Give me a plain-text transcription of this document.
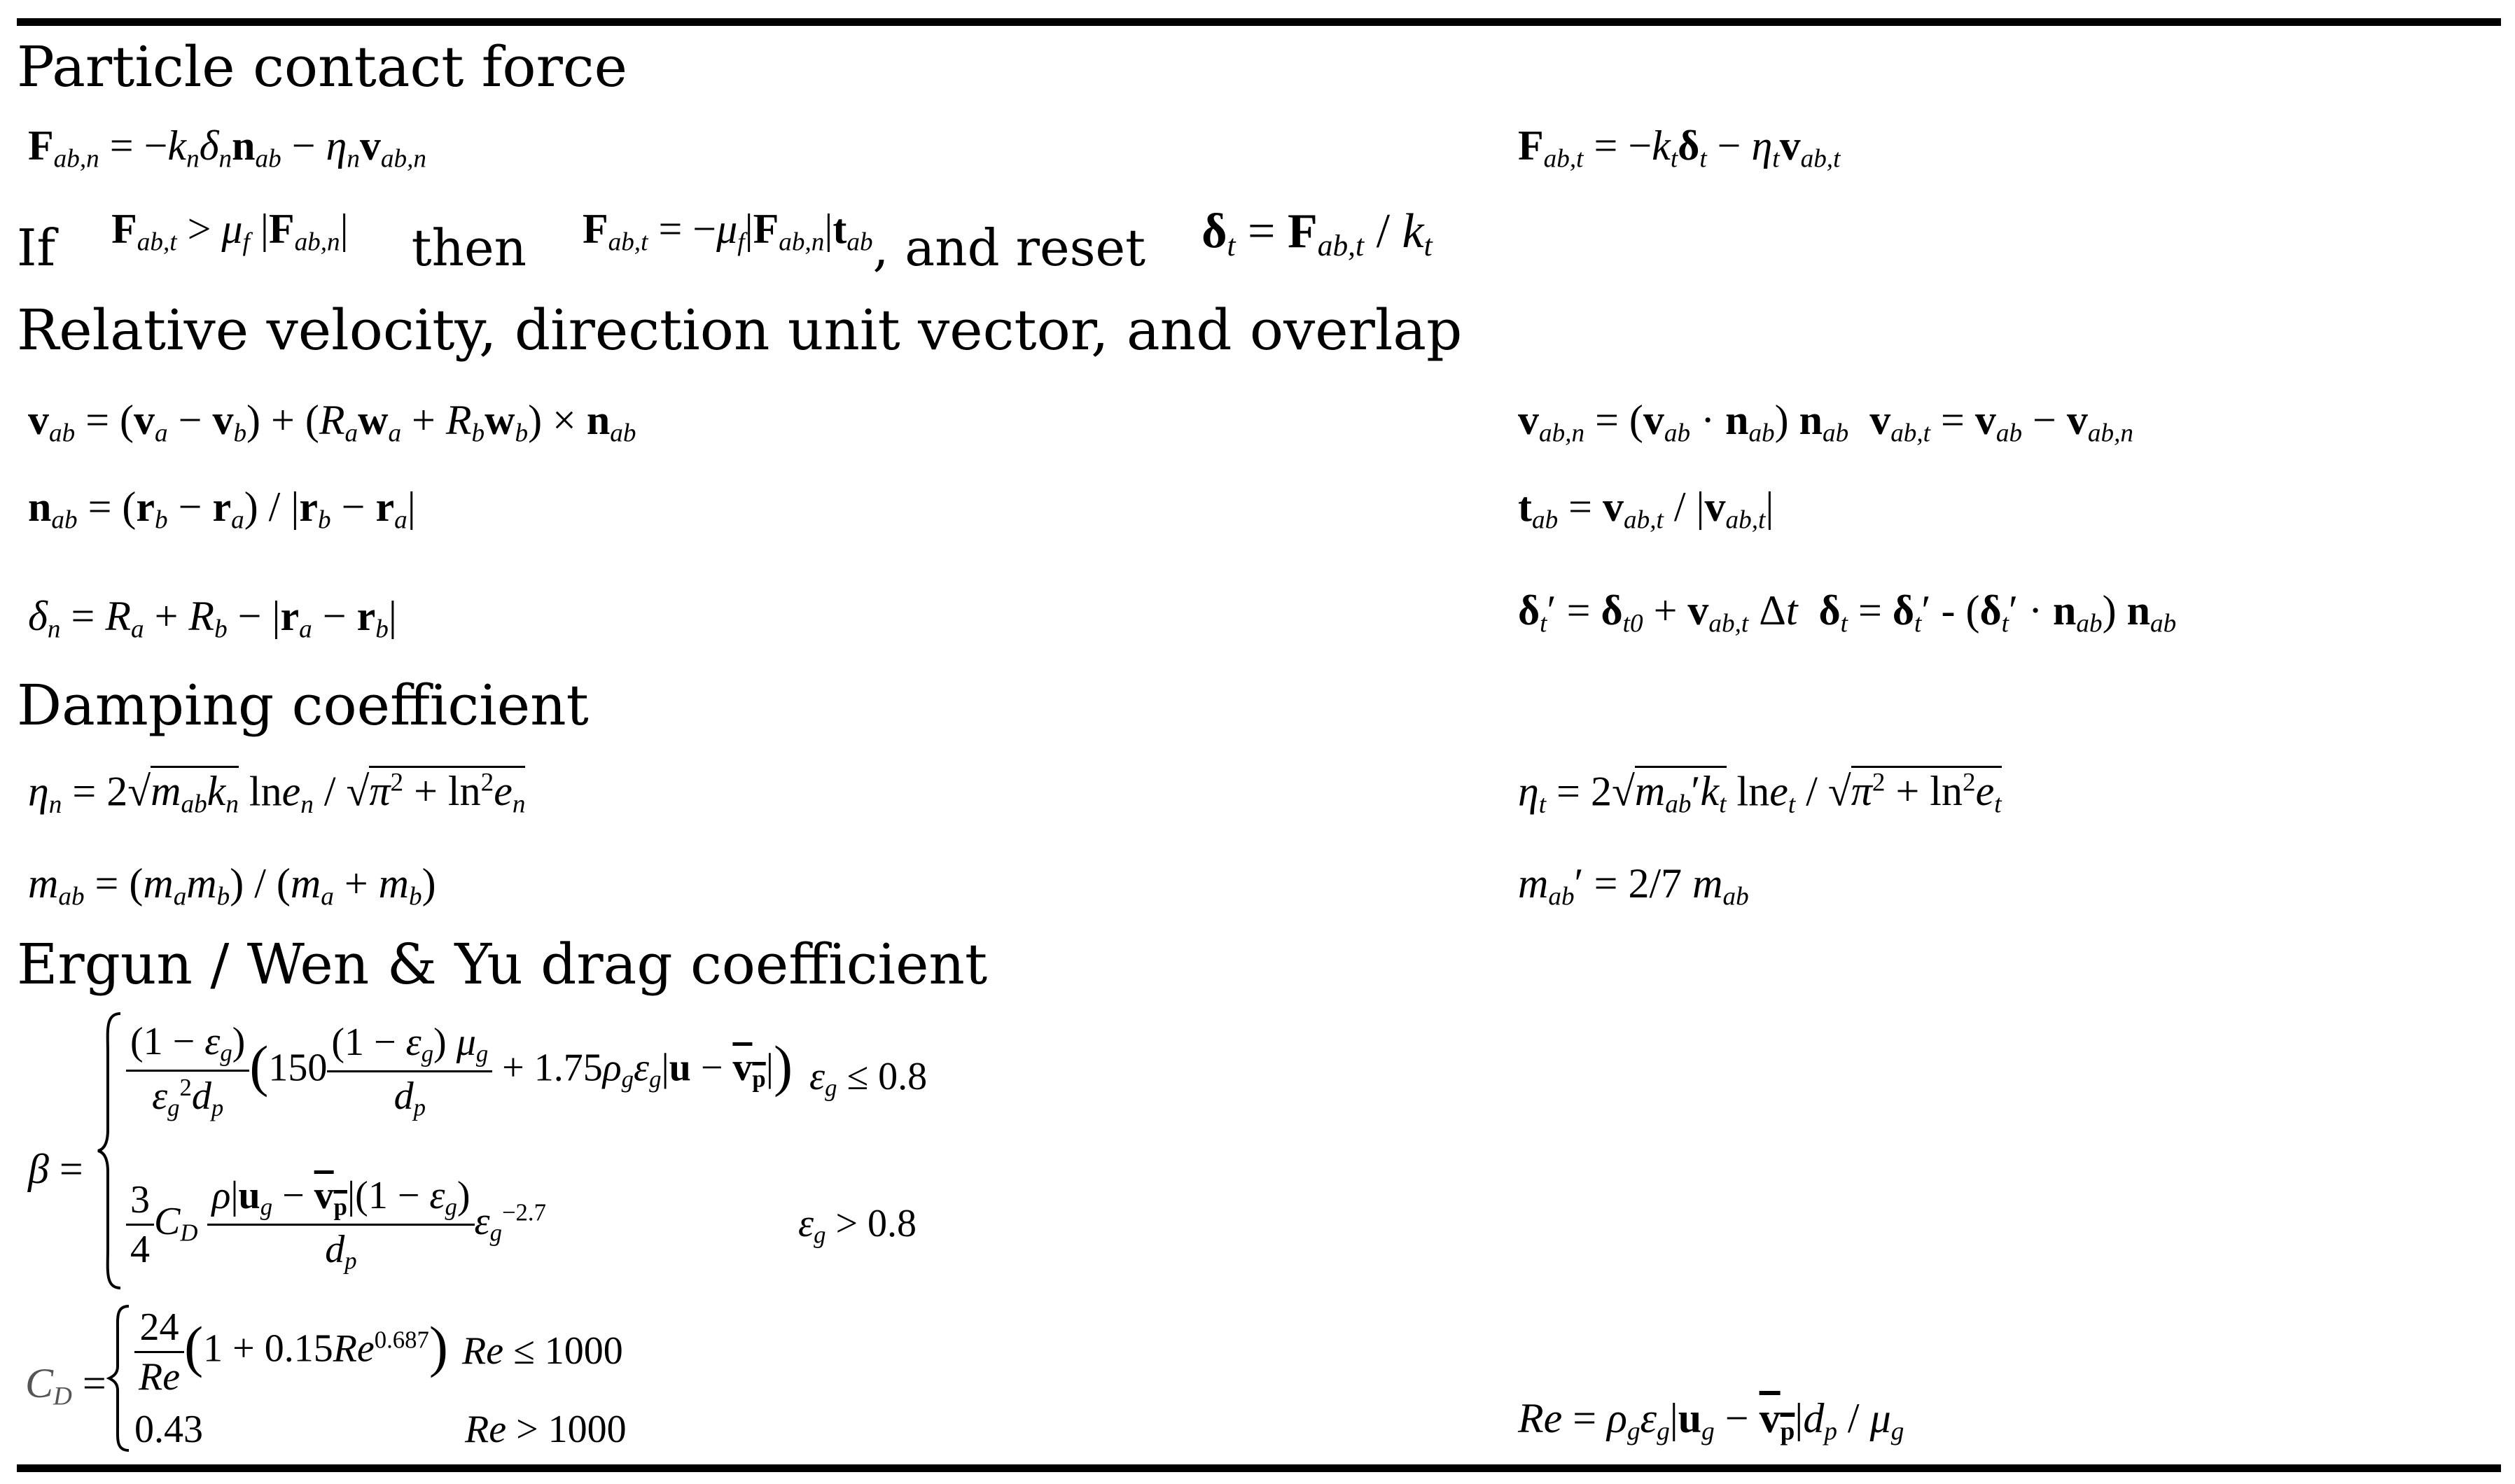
Particle contact force
$F_{ab,n} = -k_n\delta_nn_{ab} - \eta_nv_{ab,n}$	$F_{ab,t} = -k_t\delta_t - \eta_tv_{ab,t}$
If $F_{ab,t} > \mu_f$ $|F_{ab,n}|$ then $F_{ab,t} = -\mu_f|F_{ab,n}|t_{ab}$, and reset $\delta_t = F_{ab,t} / k_t$
Relative velocity, direction unit vector, and overlap
$v_{ab} = (v_a - v_b) + (R_aw_a + R_bw_b) \times n_{ab}$	$v_{ab,n} = (v_{ab} \cdot n_{ab})$ $n_{ab}$ $v_{ab,t} = v_{ab} - v_{ab,n}$
$n_{ab} = (r_b - r_a) / |r_b - r_a|$	$t_{ab} = v_{ab,t} / |v_{ab,t}|$
$\delta_n = R_a + R_b - |r_a - r_b|$	$\delta_t' = \delta_{t0} + v_{ab,t}$ Δt $\delta_t = \delta_t' - (\delta_t' \cdot n_{ab})$ $n_{ab}$
Damping coefficient
$\eta_n = 2√m_{ab}k_n$ $\ln e_n / √\pi^2 + \ln^2e_n$	$\eta_t = 2√m_{ab}'k_t$ $\ln e_t / √\pi^2 + \ln^2e_t$
$m_{ab} = (m_am_b) / (m_a + m_b)$	$m_{ab}' = 2/7$ $m_{ab}$
Ergun / Wen & Yu drag coefficient
β =
$\frac{(1 - \varepsilon_g)}{\varepsilon_g^2d_p} (150 \frac{(1 - \varepsilon_g) \mu_g}{d_p} + 1.75\rho_g\varepsilon_g|u - v_p|) \varepsilon_g \le 0.8$
$\frac{3}{4} C_D \frac{\rho|u_g - v_p|(1 - \varepsilon_g)}{d_p} \varepsilon_g^{-2.7}$	$\varepsilon_g > 0.8$
$C_D = \frac{24}{Re} (1 + 0.15Re^{0.687}) Re \le 1000$
0.43	Re > 1000	$Re = \rho_g\varepsilon_g|u_g - v_p|d_p / \mu_g$
